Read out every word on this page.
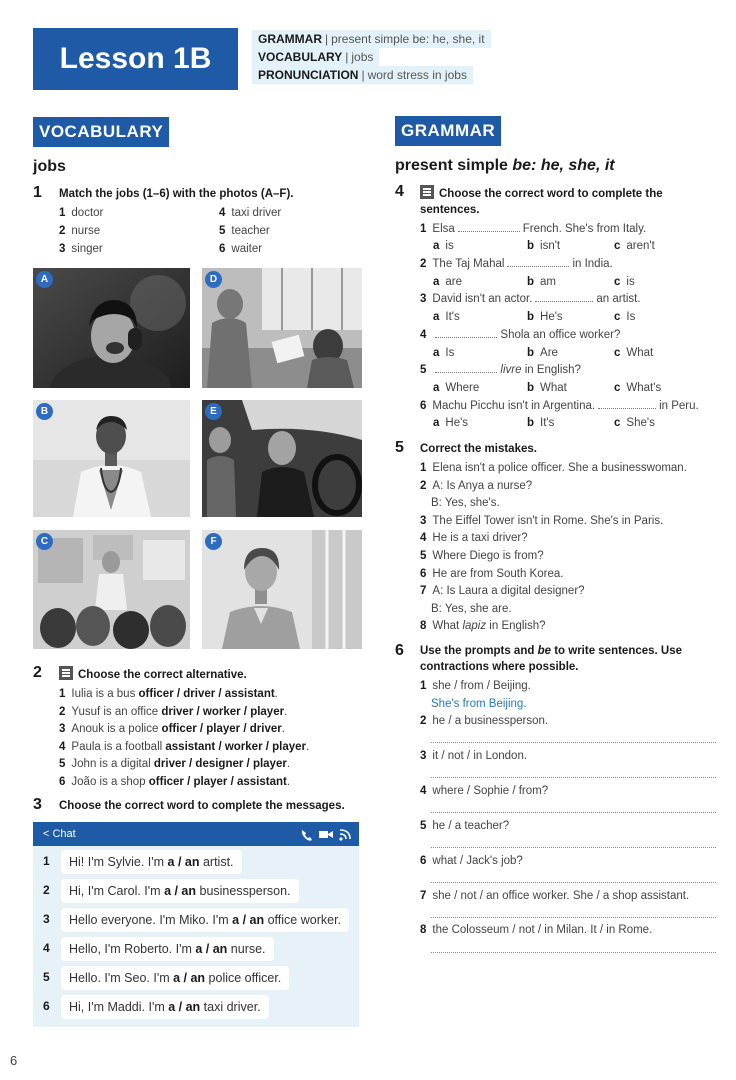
Lesson 1B
GRAMMAR | present simple be: he, she, it
VOCABULARY | jobs
PRONUNCIATION | word stress in jobs
VOCABULARY
jobs
1 Match the jobs (1–6) with the photos (A–F).
1 doctor
2 nurse
3 singer
4 taxi driver
5 teacher
6 waiter
A
B
C
D
E
F
2	Choose the correct alternative.
1 Iulia is a bus officer / driver / assistant.
2 Yusuf is an office driver / worker / player.
3 Anouk is a police officer / player / driver.
4 Paula is a football assistant / worker / player.
5 John is a digital driver / designer / player.
6 João is a shop officer / player / assistant.
3 Choose the correct word to complete the messages.
< Chat
1	Hi! I'm Sylvie. I'm a / an artist.
2	Hi, I'm Carol. I'm a / an businessperson.
3	Hello everyone. I'm Miko. I'm a / an office worker.
4	Hello, I'm Roberto. I'm a / an nurse.
5	Hello. I'm Seo. I'm a / an police officer.
6	Hi, I'm Maddi. I'm a / an taxi driver.
GRAMMAR
present simple be: he, she, it
4	Choose the correct word to complete the sentences.
1 Elsa	French. She's from Italy.
a is	b isn't	c aren't
2 The Taj Mahal	in India.
a are	b am	c is
3 David isn't an actor.	an artist.
a It's	b He's	c Is
4	Shola an office worker?
a Is	b Are	c What
5	livre in English?
a Where	b What	c What's
6 Machu Picchu isn't in Argentina.	in Peru.
a He's	b It's	c She's
5 Correct the mistakes.
1 Elena isn't a police officer. She a businesswoman.
2 A: Is Anya a nurse?
B: Yes, she's.
3 The Eiffel Tower isn't in Rome. She's in Paris.
4 He is a taxi driver?
5 Where Diego is from?
6 He are from South Korea.
7 A: Is Laura a digital designer?
B: Yes, she are.
8 What lapiz in English?
6 Use the prompts and be to write sentences. Use contractions where possible.
1 she / from / Beijing.
She's from Beijing.
2 he / a businessperson.
3 it / not / in London.
4 where / Sophie / from?
5 he / a teacher?
6 what / Jack's job?
7 she / not / an office worker. She / a shop assistant.
8 the Colosseum / not / in Milan. It / in Rome.
6
